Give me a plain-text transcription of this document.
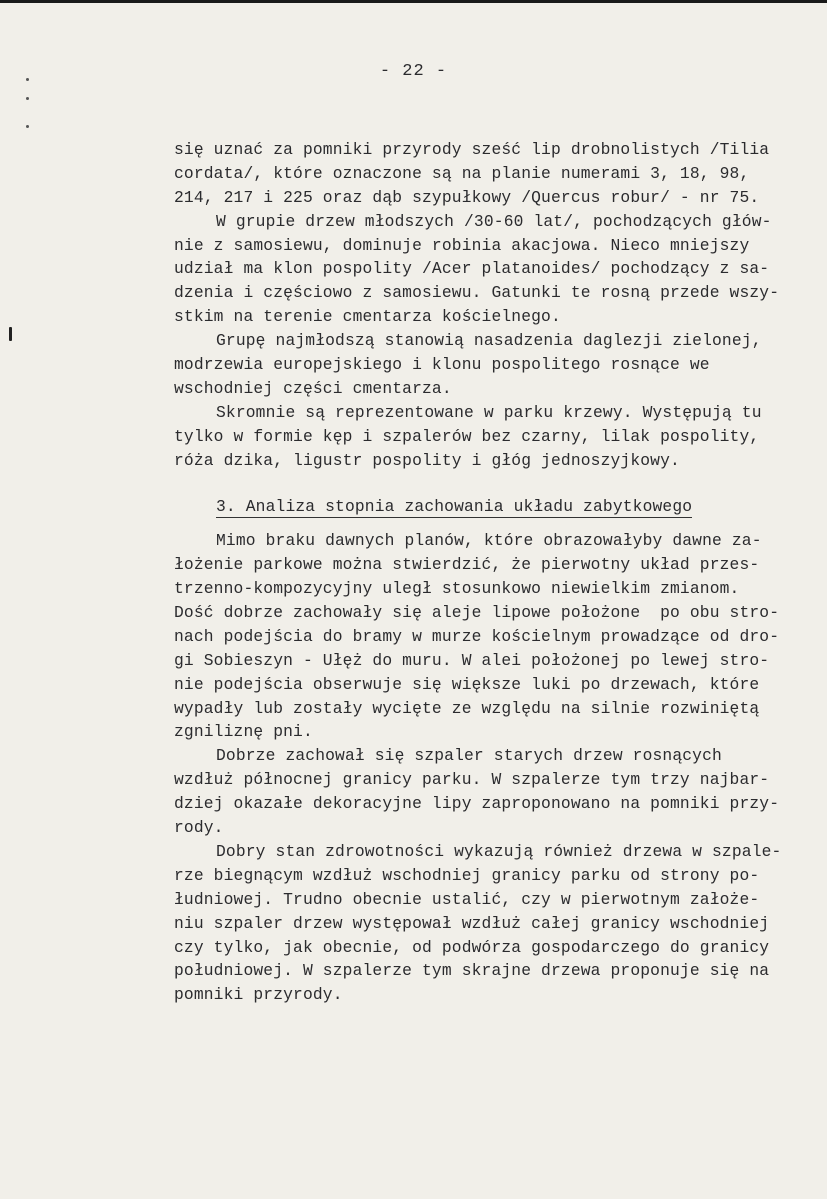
- 22 -
się uznać za pomniki przyrody sześć lip drobnolistych /Tilia
cordata/, które oznaczone są na planie numerami 3, 18, 98,
214, 217 i 225 oraz dąb szypułkowy /Quercus robur/ - nr 75.
W grupie drzew młodszych /30-60 lat/, pochodzących głów-
nie z samosiewu, dominuje robinia akacjowa. Nieco mniejszy
udział ma klon pospolity /Acer platanoides/ pochodzący z sa-
dzenia i częściowo z samosiewu. Gatunki te rosną przede wszy-
stkim na terenie cmentarza kościelnego.
Grupę najmłodszą stanowią nasadzenia daglezji zielonej,
modrzewia europejskiego i klonu pospolitego rosnące we
wschodniej części cmentarza.
Skromnie są reprezentowane w parku krzewy. Występują tu
tylko w formie kęp i szpalerów bez czarny, lilak pospolity,
róża dzika, ligustr pospolity i głóg jednoszyjkowy.
3. Analiza stopnia zachowania układu zabytkowego
Mimo braku dawnych planów, które obrazowałyby dawne za-
łożenie parkowe można stwierdzić, że pierwotny układ przes-
trzenno-kompozycyjny uległ stosunkowo niewielkim zmianom.
Dość dobrze zachowały się aleje lipowe położone  po obu stro-
nach podejścia do bramy w murze kościelnym prowadzące od dro-
gi Sobieszyn - Ułęż do muru. W alei położonej po lewej stro-
nie podejścia obserwuje się większe luki po drzewach, które
wypadły lub zostały wycięte ze względu na silnie rozwiniętą
zgniliznę pni.
Dobrze zachował się szpaler starych drzew rosnących
wzdłuż północnej granicy parku. W szpalerze tym trzy najbar-
dziej okazałe dekoracyjne lipy zaproponowano na pomniki przy-
rody.
Dobry stan zdrowotności wykazują również drzewa w szpale-
rze biegnącym wzdłuż wschodniej granicy parku od strony po-
łudniowej. Trudno obecnie ustalić, czy w pierwotnym założe-
niu szpaler drzew występował wzdłuż całej granicy wschodniej
czy tylko, jak obecnie, od podwórza gospodarczego do granicy
południowej. W szpalerze tym skrajne drzewa proponuje się na
pomniki przyrody.
